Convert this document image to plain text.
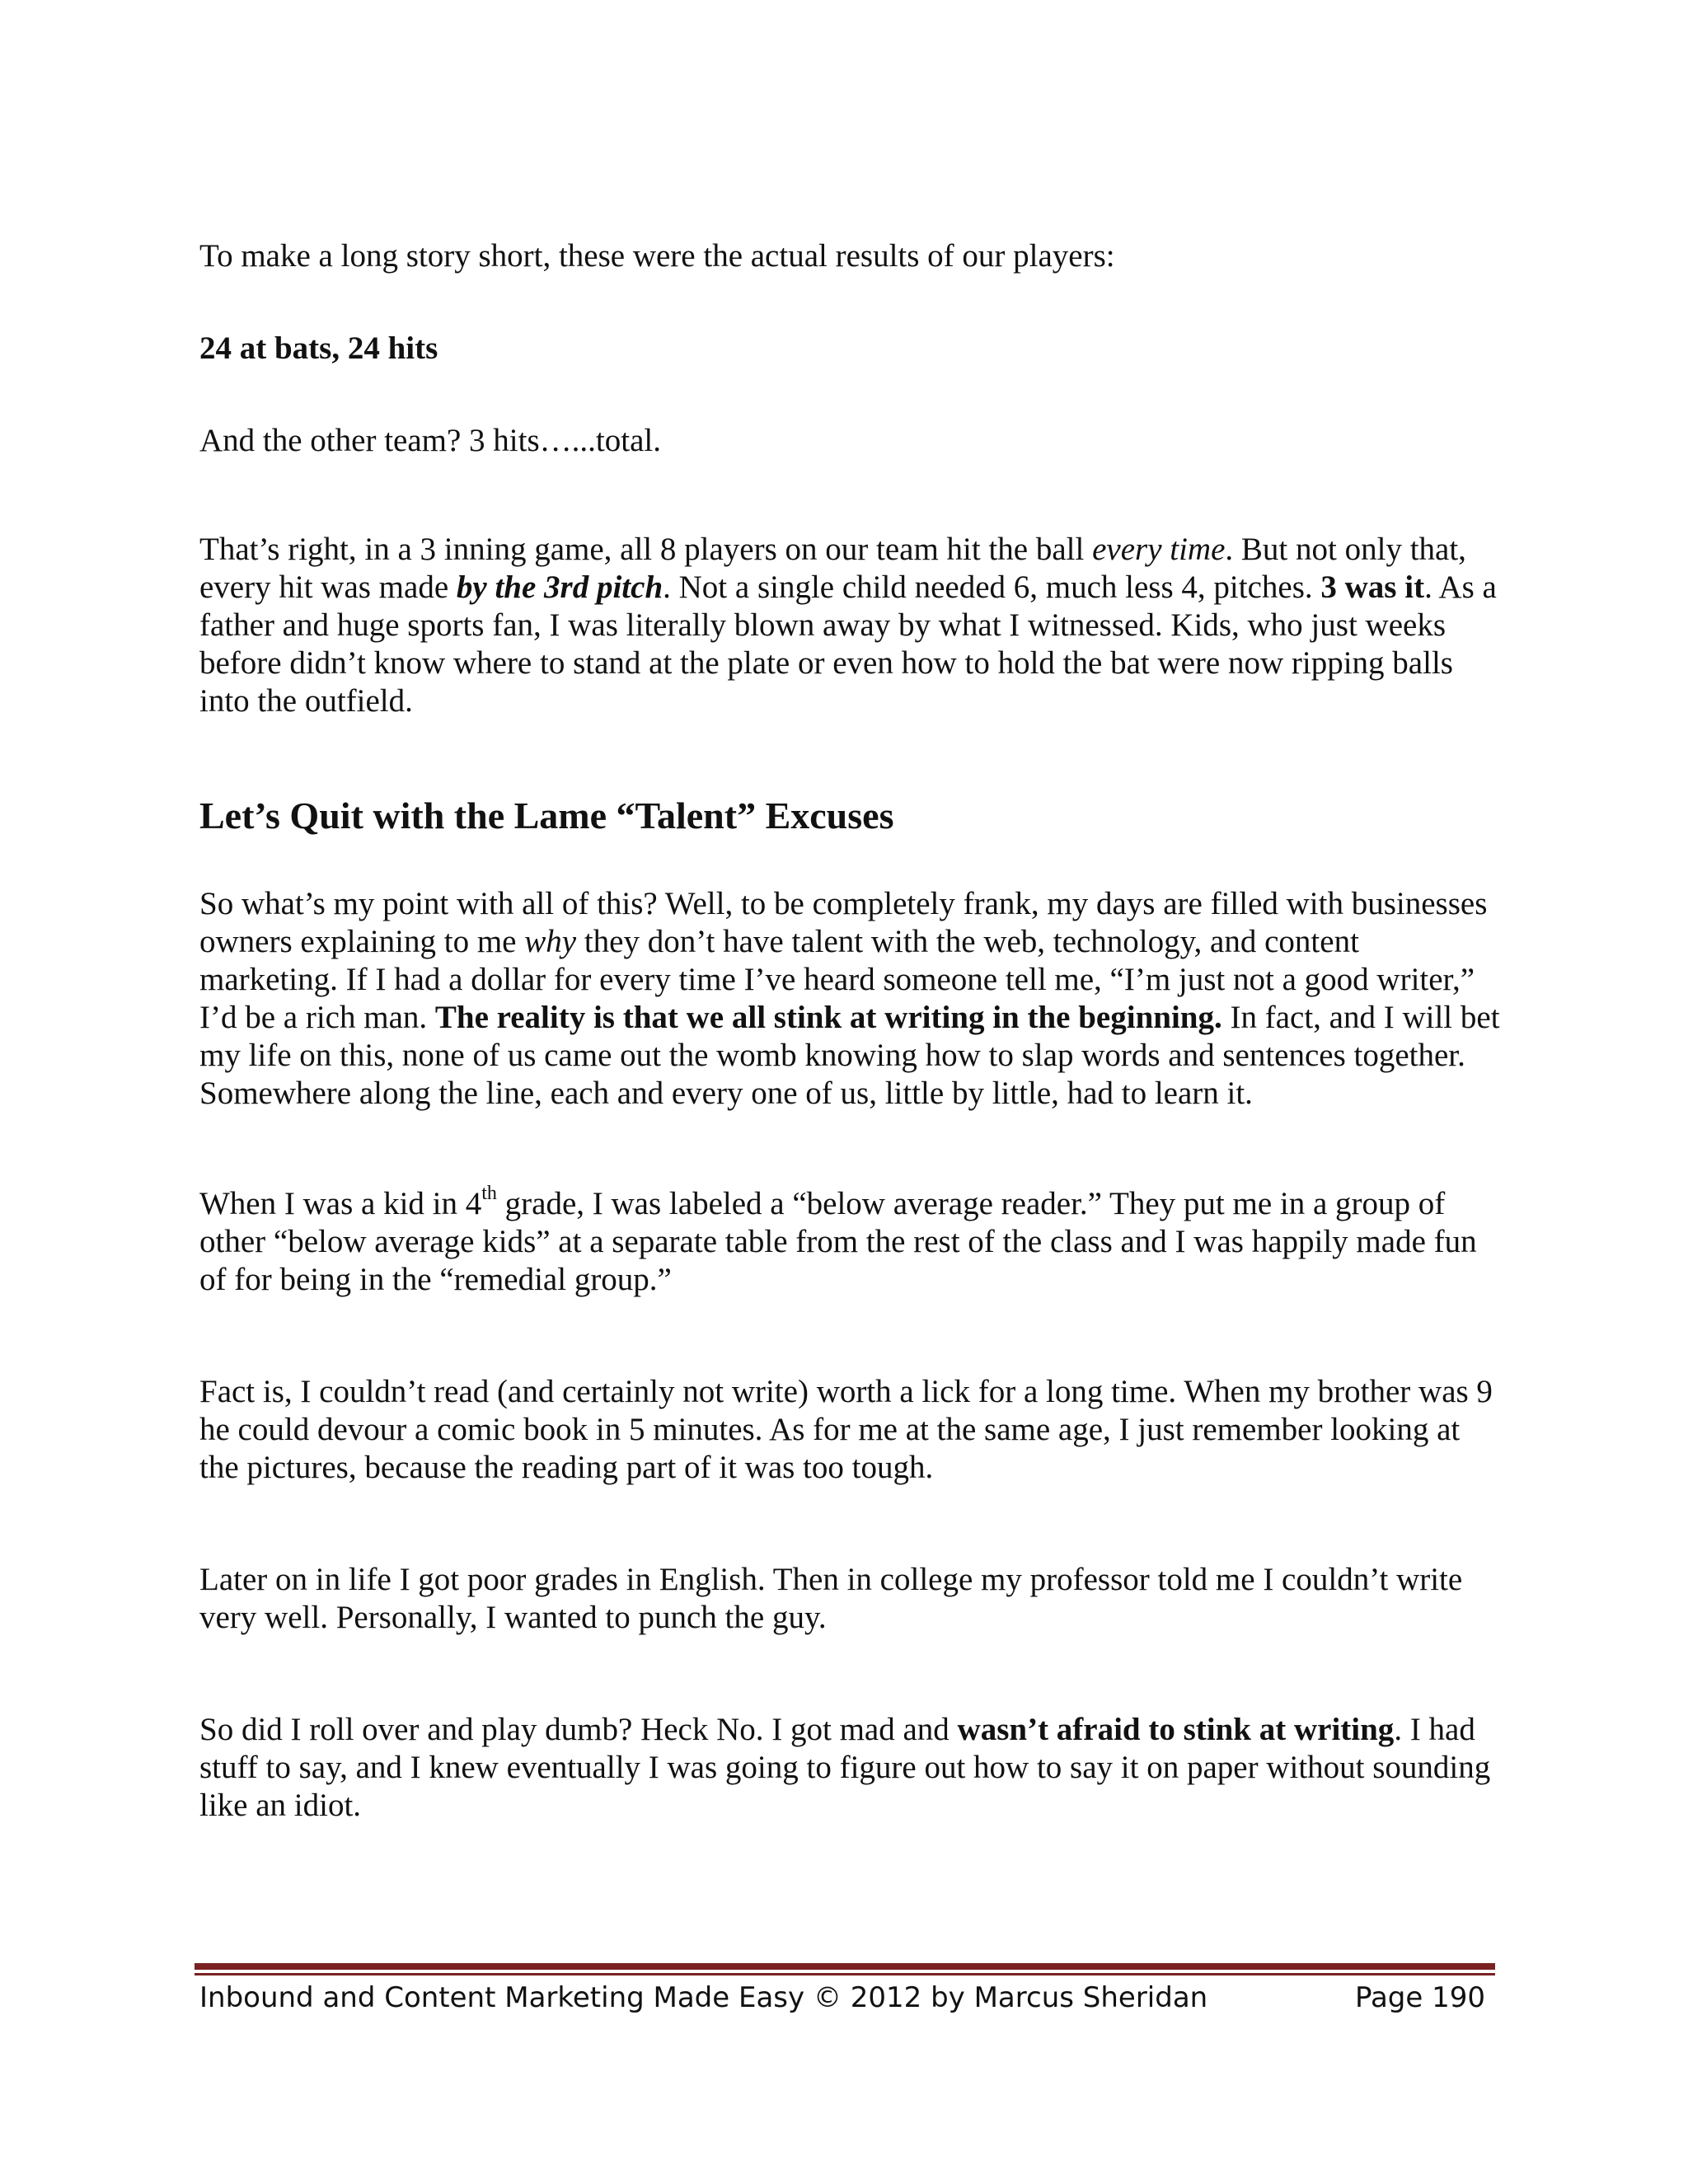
To make a long story short, these were the actual results of our players:

24 at bats, 24 hits

And the other team? 3 hits…...total.

That’s right, in a 3 inning game, all 8 players on our team hit the ball every time. But not only that, every hit was made by the 3rd pitch. Not a single child needed 6, much less 4, pitches. 3 was it. As a father and huge sports fan, I was literally blown away by what I witnessed. Kids, who just weeks before didn’t know where to stand at the plate or even how to hold the bat were now ripping balls into the outfield.

Let’s Quit with the Lame “Talent” Excuses

So what’s my point with all of this? Well, to be completely frank, my days are filled with businesses owners explaining to me why they don’t have talent with the web, technology, and content marketing. If I had a dollar for every time I’ve heard someone tell me, “I’m just not a good writer,” I’d be a rich man. The reality is that we all stink at writing in the beginning. In fact, and I will bet my life on this, none of us came out the womb knowing how to slap words and sentences together. Somewhere along the line, each and every one of us, little by little, had to learn it.

When I was a kid in 4th grade, I was labeled a “below average reader.” They put me in a group of other “below average kids” at a separate table from the rest of the class and I was happily made fun of for being in the “remedial group.”

Fact is, I couldn’t read (and certainly not write) worth a lick for a long time. When my brother was 9 he could devour a comic book in 5 minutes. As for me at the same age, I just remember looking at the pictures, because the reading part of it was too tough.

Later on in life I got poor grades in English. Then in college my professor told me I couldn’t write very well. Personally, I wanted to punch the guy.

So did I roll over and play dumb? Heck No. I got mad and wasn’t afraid to stink at writing. I had stuff to say, and I knew eventually I was going to figure out how to say it on paper without sounding like an idiot.

Inbound and Content Marketing Made Easy © 2012 by Marcus Sheridan	Page 190
